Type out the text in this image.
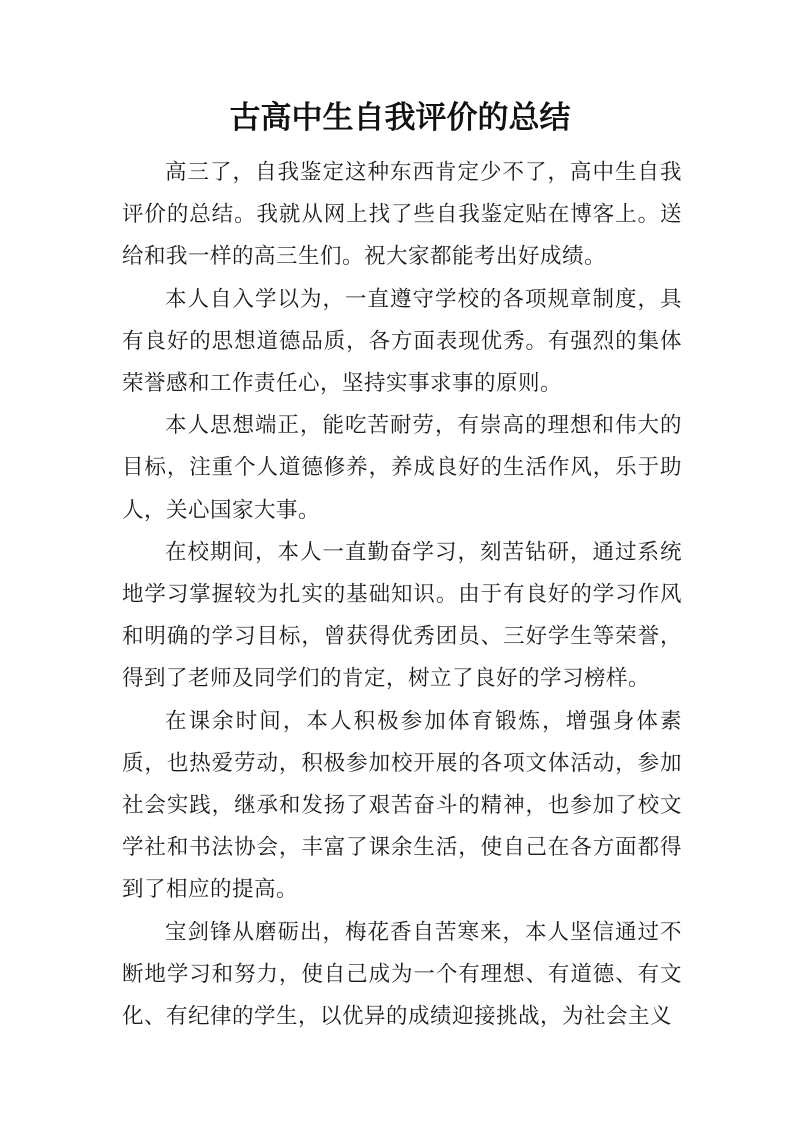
古高中生自我评价的总结

高三了，自我鉴定这种东西肯定少不了，高中生自我评价的总结。我就从网上找了些自我鉴定贴在博客上。送给和我一样的高三生们。祝大家都能考出好成绩。

本人自入学以为，一直遵守学校的各项规章制度，具有良好的思想道德品质，各方面表现优秀。有强烈的集体荣誉感和工作责任心，坚持实事求事的原则。

本人思想端正，能吃苦耐劳，有崇高的理想和伟大的目标，注重个人道德修养，养成良好的生活作风，乐于助人，关心国家大事。

在校期间，本人一直勤奋学习，刻苦钻研，通过系统地学习掌握较为扎实的基础知识。由于有良好的学习作风和明确的学习目标，曾获得优秀团员、三好学生等荣誉，得到了老师及同学们的肯定，树立了良好的学习榜样。

在课余时间，本人积极参加体育锻炼，增强身体素质，也热爱劳动，积极参加校开展的各项文体活动，参加社会实践，继承和发扬了艰苦奋斗的精神，也参加了校文学社和书法协会，丰富了课余生活，使自己在各方面都得到了相应的提高。

宝剑锋从磨砺出，梅花香自苦寒来，本人坚信通过不断地学习和努力，使自己成为一个有理想、有道德、有文化、有纪律的学生，以优异的成绩迎接挑战，为社会主义
